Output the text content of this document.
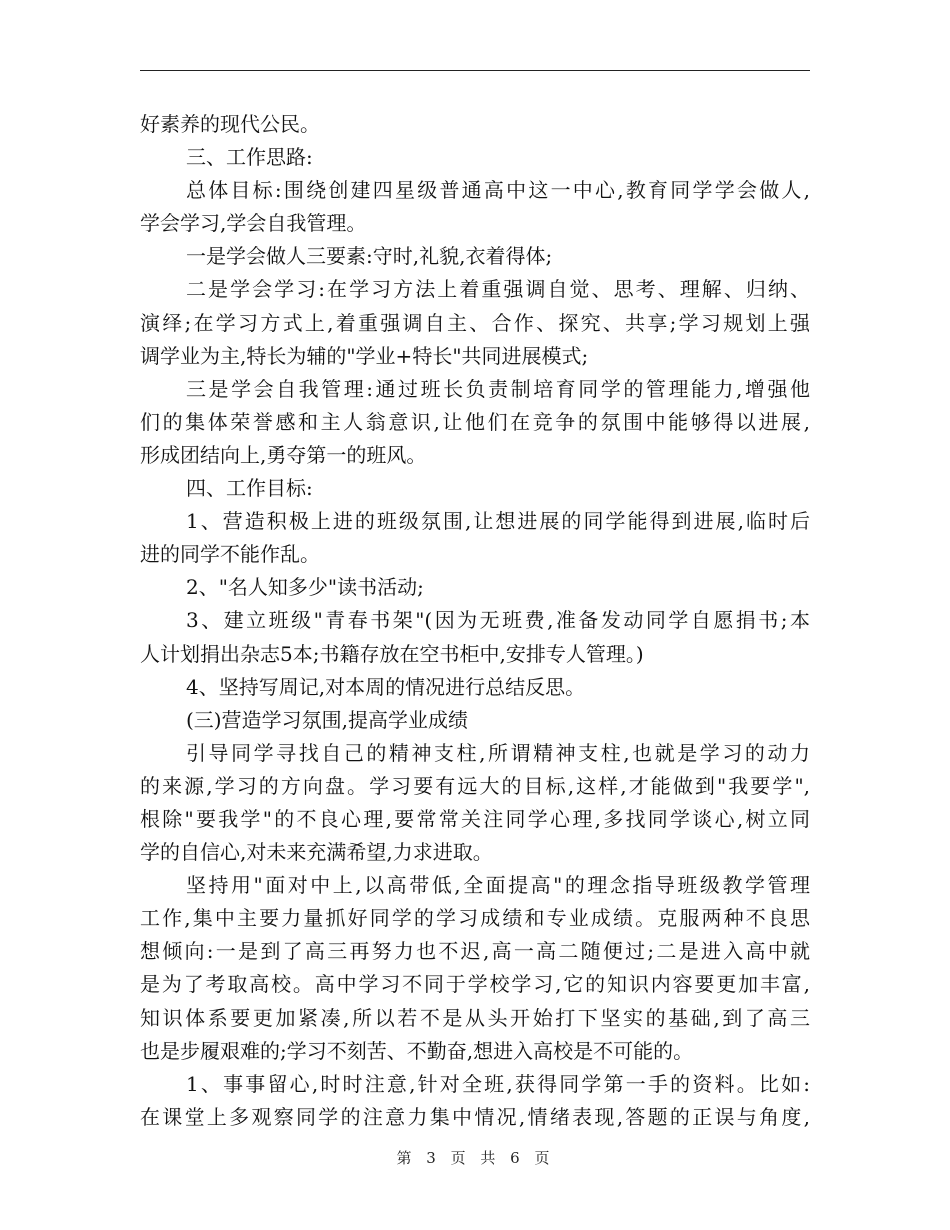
好素养的现代公民。
三、工作思路:
总体目标:围绕创建四星级普通高中这一中心,教育同学学会做人,
学会学习,学会自我管理。
一是学会做人三要素:守时,礼貌,衣着得体;
二是学会学习:在学习方法上着重强调自觉、思考、理解、归纳、
演绎;在学习方式上,着重强调自主、合作、探究、共享;学习规划上强
调学业为主,特长为辅的"学业+特长"共同进展模式;
三是学会自我管理:通过班长负责制培育同学的管理能力,增强他
们的集体荣誉感和主人翁意识,让他们在竞争的氛围中能够得以进展,
形成团结向上,勇夺第一的班风。
四、工作目标:
1、营造积极上进的班级氛围,让想进展的同学能得到进展,临时后
进的同学不能作乱。
2、"名人知多少"读书活动;
3、建立班级"青春书架"(因为无班费,准备发动同学自愿捐书;本
人计划捐出杂志5本;书籍存放在空书柜中,安排专人管理。)
4、坚持写周记,对本周的情况进行总结反思。
(三)营造学习氛围,提高学业成绩
引导同学寻找自己的精神支柱,所谓精神支柱,也就是学习的动力
的来源,学习的方向盘。学习要有远大的目标,这样,才能做到"我要学",
根除"要我学"的不良心理,要常常关注同学心理,多找同学谈心,树立同
学的自信心,对未来充满希望,力求进取。
坚持用"面对中上,以高带低,全面提高"的理念指导班级教学管理
工作,集中主要力量抓好同学的学习成绩和专业成绩。克服两种不良思
想倾向:一是到了高三再努力也不迟,高一高二随便过;二是进入高中就
是为了考取高校。高中学习不同于学校学习,它的知识内容要更加丰富,
知识体系要更加紧凑,所以若不是从头开始打下坚实的基础,到了高三
也是步履艰难的;学习不刻苦、不勤奋,想进入高校是不可能的。
1、事事留心,时时注意,针对全班,获得同学第一手的资料。比如:
在课堂上多观察同学的注意力集中情况,情绪表现,答题的正误与角度,
第 3 页 共 6 页
